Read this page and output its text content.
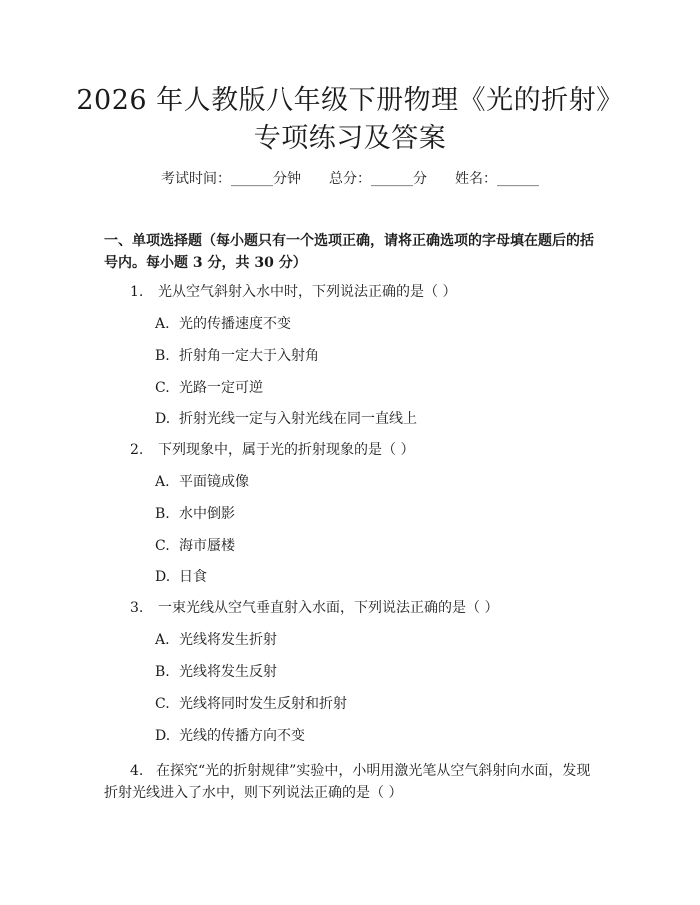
2026 年人教版八年级下册物理《光的折射》
专项练习及答案
考试时间：______分钟 总分：______分 姓名：______
一、单项选择题（每小题只有一个选项正确，请将正确选项的字母填在题后的括号内。每小题 3 分，共 30 分）
1. 光从空气斜射入水中时，下列说法正确的是（ ）
A. 光的传播速度不变
B. 折射角一定大于入射角
C. 光路一定可逆
D. 折射光线一定与入射光线在同一直线上
2. 下列现象中，属于光的折射现象的是（ ）
A. 平面镜成像
B. 水中倒影
C. 海市蜃楼
D. 日食
3. 一束光线从空气垂直射入水面，下列说法正确的是（ ）
A. 光线将发生折射
B. 光线将发生反射
C. 光线将同时发生反射和折射
D. 光线的传播方向不变
4. 在探究“光的折射规律”实验中，小明用激光笔从空气斜射向水面，发现折射光线进入了水中，则下列说法正确的是（ ）
